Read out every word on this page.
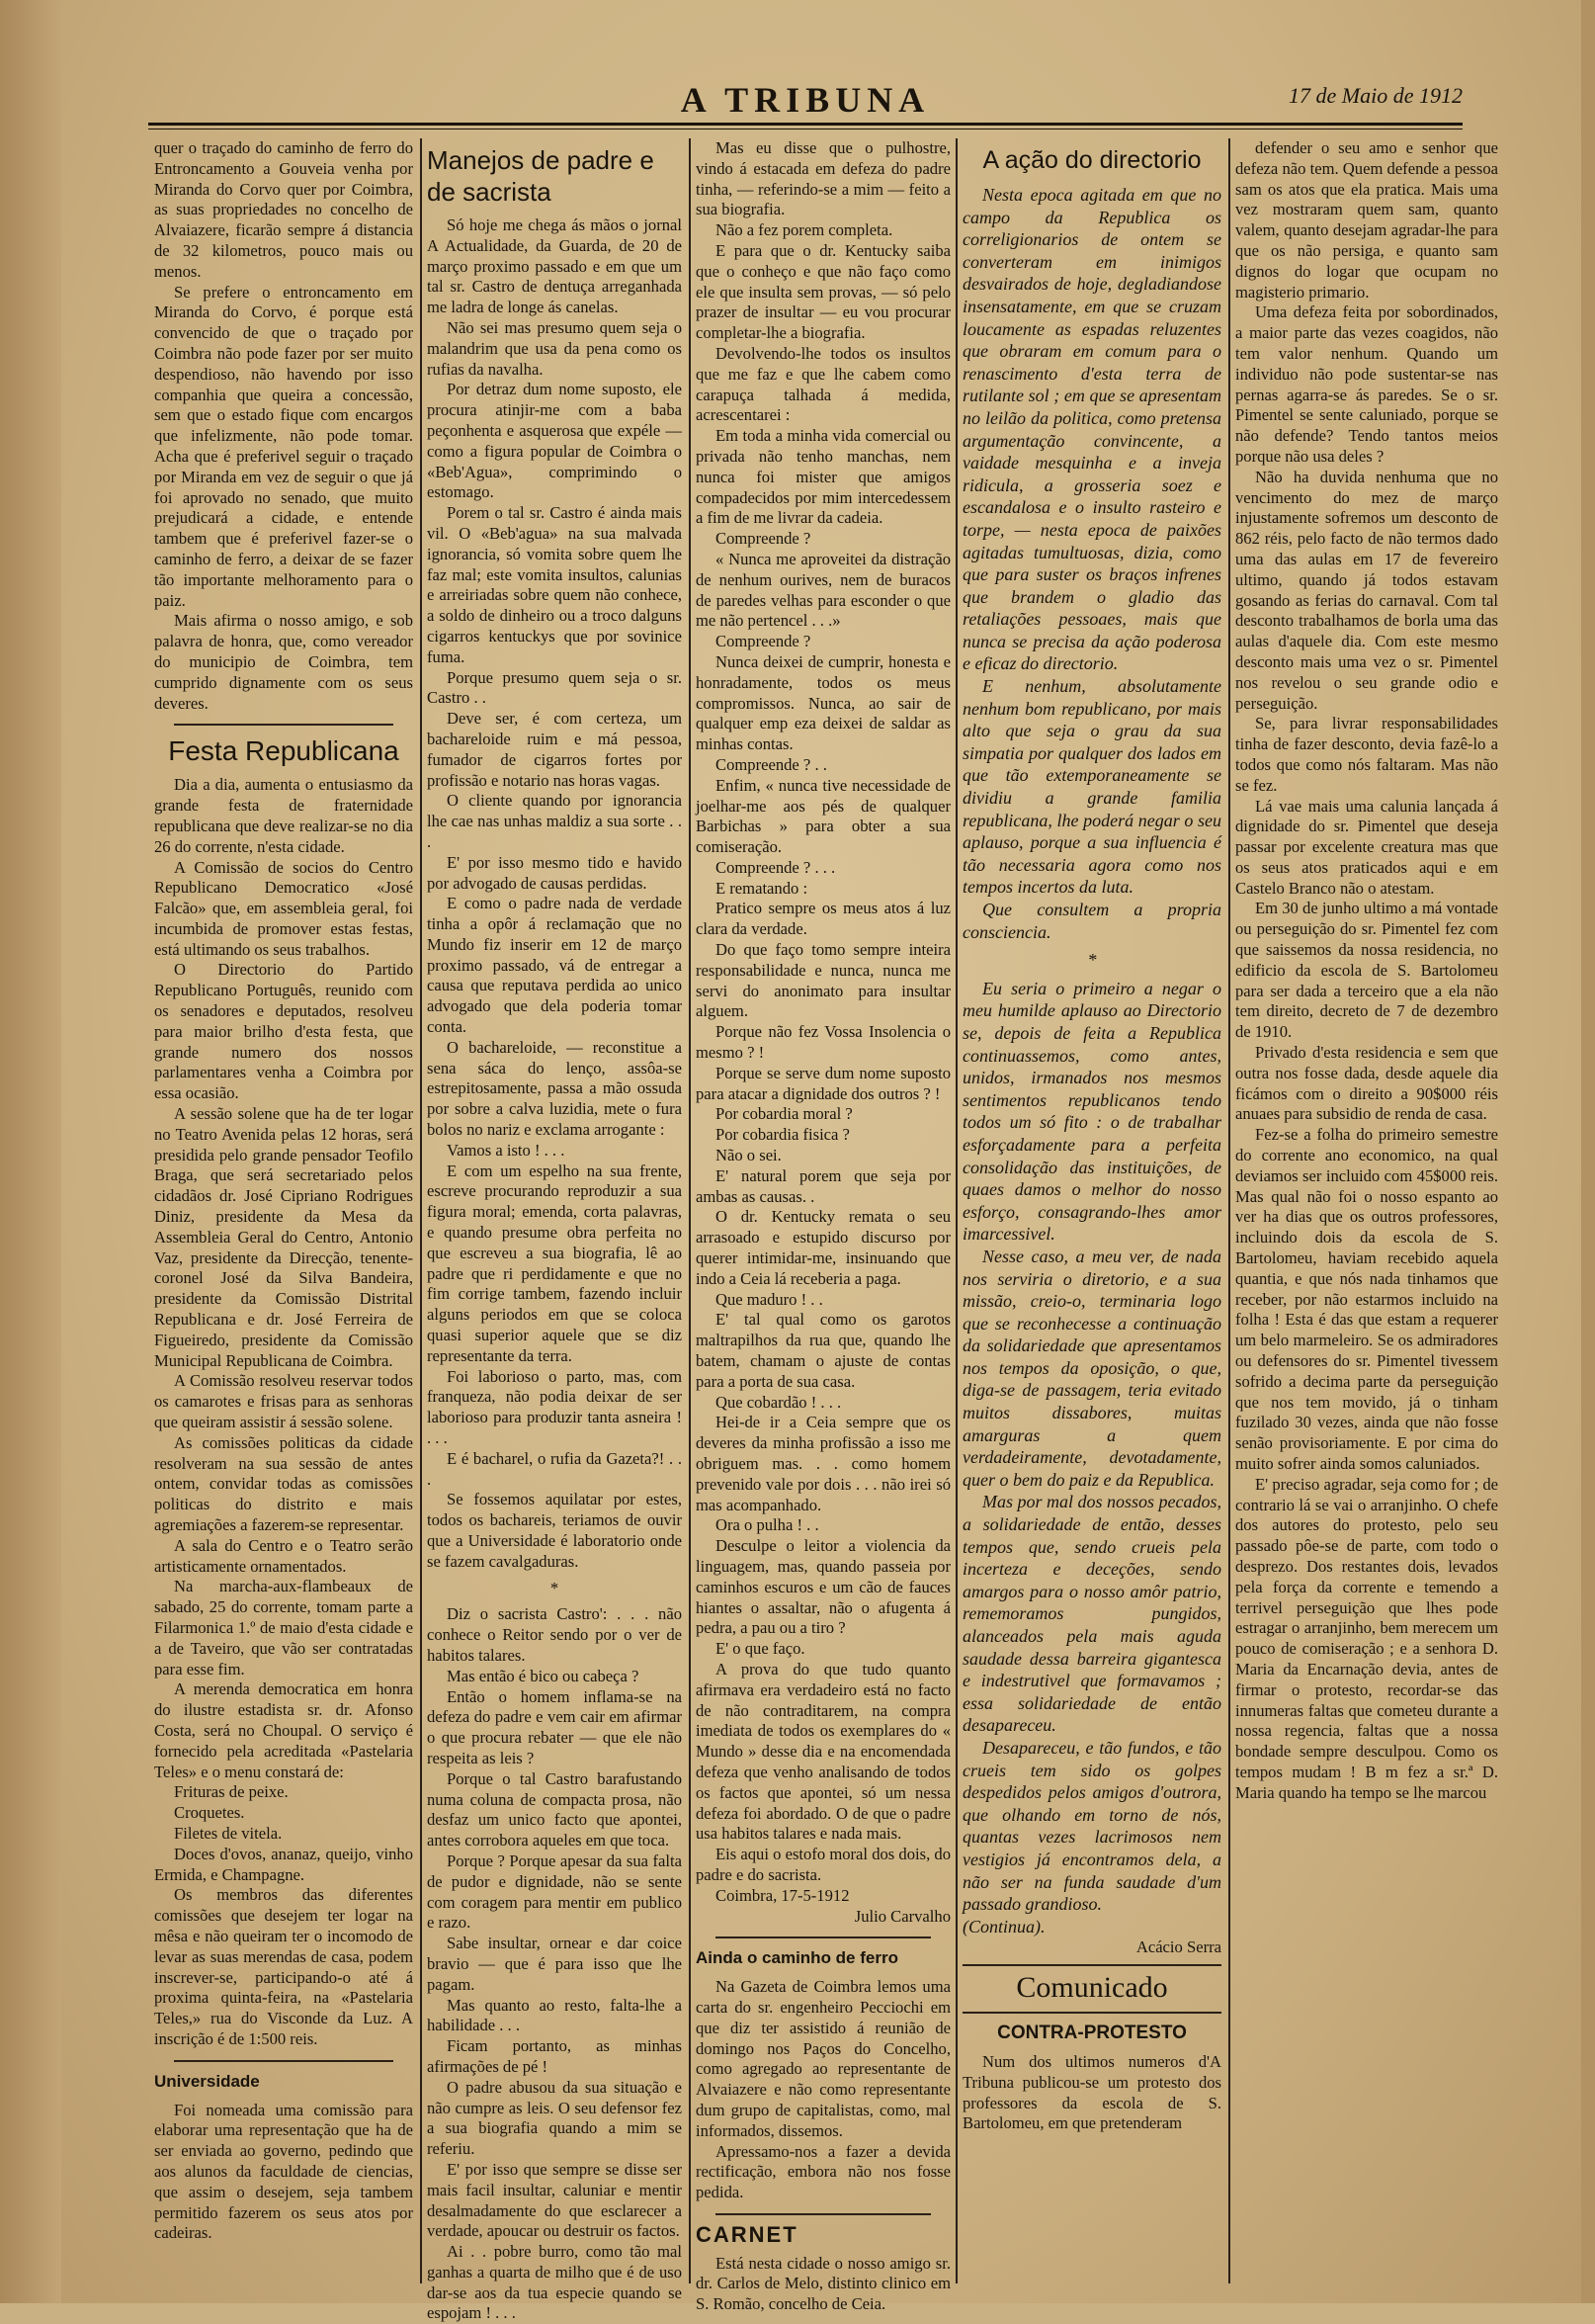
A TRIBUNA	17 de Maio de 1912

quer o traçado do caminho de ferro do Entroncamento a Gouveia venha por Miranda do Corvo quer por Coimbra, as suas propriedades no concelho de Alvaiazere, ficarão sempre á distancia de 32 kilometros, pouco mais ou menos.

Se prefere o entroncamento em Miranda do Corvo, é porque está convencido de que o traçado por Coimbra não pode fazer por ser muito despendioso, não havendo por isso companhia que queira a concessão, sem que o estado fique com encargos que infelizmente, não pode tomar. Acha que é preferivel seguir o traçado por Miranda em vez de seguir o que já foi aprovado no senado, que muito prejudicará a cidade, e entende tambem que é preferivel fazer-se o caminho de ferro, a deixar de se fazer tão importante melhoramento para o paiz.

Mais afirma o nosso amigo, e sob palavra de honra, que, como vereador do municipio de Coimbra, tem cumprido dignamente com os seus deveres.

Festa Republicana

Dia a dia, aumenta o entusiasmo da grande festa de fraternidade republicana que deve realizar-se no dia 26 do corrente, n'esta cidade.

A Comissão de socios do Centro Republicano Democratico «José Falcão» que, em assembleia geral, foi incumbida de promover estas festas, está ultimando os seus trabalhos.

O Directorio do Partido Republicano Português, reunido com os senadores e deputados, resolveu para maior brilho d'esta festa, que grande numero dos nossos parlamentares venha a Coimbra por essa ocasião.

A sessão solene que ha de ter logar no Teatro Avenida pelas 12 horas, será presidida pelo grande pensador Teofilo Braga, que será secretariado pelos cidadãos dr. José Cipriano Rodrigues Diniz, presidente da Mesa da Assembleia Geral do Centro, Antonio Vaz, presidente da Direcção, tenente-coronel José da Silva Bandeira, presidente da Comissão Distrital Republicana e dr. José Ferreira de Figueiredo, presidente da Comissão Municipal Republicana de Coimbra.

A Comissão resolveu reservar todos os camarotes e frisas para as senhoras que queiram assistir á sessão solene.

As comissões politicas da cidade resolveram na sua sessão de antes ontem, convidar todas as comissões politicas do distrito e mais agremiações a fazerem-se representar.

A sala do Centro e o Teatro serão artisticamente ornamentados.

Na marcha-aux-flambeaux de sabado, 25 do corrente, tomam parte a Filarmonica 1.º de maio d'esta cidade e a de Taveiro, que vão ser contratadas para esse fim.

A merenda democratica em honra do ilustre estadista sr. dr. Afonso Costa, será no Choupal. O serviço é fornecido pela acreditada «Pastelaria Teles» e o menu constará de:

Frituras de peixe.

Croquetes.

Filetes de vitela.

Doces d'ovos, ananaz, queijo, vinho Ermida, e Champagne.

Os membros das diferentes comissões que desejem ter logar na mêsa e não queiram ter o incomodo de levar as suas merendas de casa, podem inscrever-se, participando-o até á proxima quinta-feira, na «Pastelaria Teles,» rua do Visconde da Luz. A inscrição é de 1:500 reis.

Universidade

Foi nomeada uma comissão para elaborar uma representação que ha de ser enviada ao governo, pedindo que aos alunos da faculdade de ciencias, que assim o desejem, seja tambem permitido fazerem os seus atos por cadeiras.

Manejos de padre e de sacrista

Só hoje me chega ás mãos o jornal A Actualidade, da Guarda, de 20 de março proximo passado e em que um tal sr. Castro de dentuça arreganhada me ladra de longe ás canelas.

Não sei mas presumo quem seja o malandrim que usa da pena como os rufias da navalha.

Por detraz dum nome suposto, ele procura atinjir-me com a baba peçonhenta e asquerosa que expéle — como a figura popular de Coimbra o «Beb'Agua», comprimindo o estomago.

Porem o tal sr. Castro é ainda mais vil. O «Beb'agua» na sua malvada ignorancia, só vomita sobre quem lhe faz mal; este vomita insultos, calunias e arreiriadas sobre quem não conhece, a soldo de dinheiro ou a troco dalguns cigarros kentuckys que por sovinice fuma.

Porque presumo quem seja o sr. Castro . .

Deve ser, é com certeza, um bachareloide ruim e má pessoa, fumador de cigarros fortes por profissão e notario nas horas vagas.

O cliente quando por ignorancia lhe cae nas unhas maldiz a sua sorte . . .

E' por isso mesmo tido e havido por advogado de causas perdidas.

E como o padre nada de verdade tinha a opôr á reclamação que no Mundo fiz inserir em 12 de março proximo passado, vá de entregar a causa que reputava perdida ao unico advogado que dela poderia tomar conta.

O bachareloide, — reconstitue a sena sáca do lenço, assôa-se estrepitosamente, passa a mão ossuda por sobre a calva luzidia, mete o fura bolos no nariz e exclama arrogante :

Vamos a isto ! . . .

E com um espelho na sua frente, escreve procurando reproduzir a sua figura moral; emenda, corta palavras, e quando presume obra perfeita no que escreveu a sua biografia, lê ao padre que ri perdidamente e que no fim corrige tambem, fazendo incluir alguns periodos em que se coloca quasi superior aquele que se diz representante da terra.

Foi laborioso o parto, mas, com franqueza, não podia deixar de ser laborioso para produzir tanta asneira ! . . .

E é bacharel, o rufia da Gazeta?! . . .

Se fossemos aquilatar por estes, todos os bachareis, teriamos de ouvir que a Universidade é laboratorio onde se fazem cavalgaduras.

*

Diz o sacrista Castro': . . . não conhece o Reitor sendo por o ver de habitos talares.

Mas então é bico ou cabeça ?

Então o homem inflama-se na defeza do padre e vem cair em afirmar o que procura rebater — que ele não respeita as leis ?

Porque o tal Castro barafustando numa coluna de compacta prosa, não desfaz um unico facto que apontei, antes corrobora aqueles em que toca.

Porque ? Porque apesar da sua falta de pudor e dignidade, não se sente com coragem para mentir em publico e razo.

Sabe insultar, ornear e dar coice bravio — que é para isso que lhe pagam.

Mas quanto ao resto, falta-lhe a habilidade . . .

Ficam portanto, as minhas afirmações de pé !

O padre abusou da sua situação e não cumpre as leis. O seu defensor fez a sua biografia quando a mim se referiu.

E' por isso que sempre se disse ser mais facil insultar, caluniar e mentir desalmadamente do que esclarecer a verdade, apoucar ou destruir os factos.

Ai . . pobre burro, como tão mal ganhas a quarta de milho que é de uso dar-se aos da tua especie quando se espojam ! . . .

Mas eu disse que o pulhostre, vindo á estacada em defeza do padre tinha, — referindo-se a mim — feito a sua biografia.

Não a fez porem completa.

E para que o dr. Kentucky saiba que o conheço e que não faço como ele que insulta sem provas, — só pelo prazer de insultar — eu vou procurar completar-lhe a biografia.

Devolvendo-lhe todos os insultos que me faz e que lhe cabem como carapuça talhada á medida, acrescentarei :

Em toda a minha vida comercial ou privada não tenho manchas, nem nunca foi mister que amigos compadecidos por mim intercedessem a fim de me livrar da cadeia.

Compreende ?

« Nunca me aproveitei da distração de nenhum ourives, nem de buracos de paredes velhas para esconder o que me não pertencel . . .»

Compreende ?

Nunca deixei de cumprir, honesta e honradamente, todos os meus compromissos. Nunca, ao sair de qualquer emp eza deixei de saldar as minhas contas.

Compreende ? . .

Enfim, « nunca tive necessidade de joelhar-me aos pés de qualquer Barbichas » para obter a sua comiseração.

Compreende ? . . .

E rematando :

Pratico sempre os meus atos á luz clara da verdade.

Do que faço tomo sempre inteira responsabilidade e nunca, nunca me servi do anonimato para insultar alguem.

Porque não fez Vossa Insolencia o mesmo ? !

Porque se serve dum nome suposto para atacar a dignidade dos outros ? !

Por cobardia moral ?

Por cobardia fisica ?

Não o sei.

E' natural porem que seja por ambas as causas. .

O dr. Kentucky remata o seu arrasoado e estupido discurso por querer intimidar-me, insinuando que indo a Ceia lá receberia a paga.

Que maduro ! . .

E' tal qual como os garotos maltrapilhos da rua que, quando lhe batem, chamam o ajuste de contas para a porta de sua casa.

Que cobardão ! . . .

Hei-de ir a Ceia sempre que os deveres da minha profissão a isso me obriguem mas. . . como homem prevenido vale por dois . . . não irei só mas acompanhado.

Ora o pulha ! . .

Desculpe o leitor a violencia da linguagem, mas, quando passeia por caminhos escuros e um cão de fauces hiantes o assaltar, não o afugenta á pedra, a pau ou a tiro ?

E' o que faço.

A prova do que tudo quanto afirmava era verdadeiro está no facto de não contraditarem, na compra imediata de todos os exemplares do « Mundo » desse dia e na encomendada defeza que venho analisando de todos os factos que apontei, só um nessa defeza foi abordado. O de que o padre usa habitos talares e nada mais.

Eis aqui o estofo moral dos dois, do padre e do sacrista.

Coimbra, 17-5-1912

Julio Carvalho

Ainda o caminho de ferro

Na Gazeta de Coimbra lemos uma carta do sr. engenheiro Pecciochi em que diz ter assistido á reunião de domingo nos Paços do Concelho, como agregado ao representante de Alvaiazere e não como representante dum grupo de capitalistas, como, mal informados, dissemos.

Apressamo-nos a fazer a devida rectificação, embora não nos fosse pedida.

CARNET

Está nesta cidade o nosso amigo sr. dr. Carlos de Melo, distinto clinico em S. Romão, concelho de Ceia.

A ação do directorio

Nesta epoca agitada em que no campo da Republica os correligionarios de ontem se converteram em inimigos desvairados de hoje, degladiandose insensatamente, em que se cruzam loucamente as espadas reluzentes que obraram em comum para o renascimento d'esta terra de rutilante sol ; em que se apresentam no leilão da politica, como pretensa argumentação convincente, a vaidade mesquinha e a inveja ridicula, a grosseria soez e escandalosa e o insulto rasteiro e torpe, — nesta epoca de paixões agitadas tumultuosas, dizia, como que para suster os braços infrenes que brandem o gladio das retaliações pessoaes, mais que nunca se precisa da ação poderosa e eficaz do directorio.

E nenhum, absolutamente nenhum bom republicano, por mais alto que seja o grau da sua simpatia por qualquer dos lados em que tão extemporaneamente se dividiu a grande familia republicana, lhe poderá negar o seu aplauso, porque a sua influencia é tão necessaria agora como nos tempos incertos da luta.

Que consultem a propria consciencia.

*

Eu seria o primeiro a negar o meu humilde aplauso ao Directorio se, depois de feita a Republica continuassemos, como antes, unidos, irmanados nos mesmos sentimentos republicanos tendo todos um só fito : o de trabalhar esforçadamente para a perfeita consolidação das instituições, de quaes damos o melhor do nosso esforço, consagrando-lhes amor imarcessivel.

Nesse caso, a meu ver, de nada nos serviria o diretorio, e a sua missão, creio-o, terminaria logo que se reconhecesse a continuação da solidariedade que apresentamos nos tempos da oposição, o que, diga-se de passagem, teria evitado muitos dissabores, muitas amarguras a quem verdadeiramente, devotadamente, quer o bem do paiz e da Republica.

Mas por mal dos nossos pecados, a solidariedade de então, desses tempos que, sendo crueis pela incerteza e deceções, sendo amargos para o nosso amôr patrio, rememoramos pungidos, alanceados pela mais aguda saudade dessa barreira gigantesca e indestrutivel que formavamos ; essa solidariedade de então desapareceu.

Desapareceu, e tão fundos, e tão crueis tem sido os golpes despedidos pelos amigos d'outrora, que olhando em torno de nós, quantas vezes lacrimosos nem vestigios já encontramos dela, a não ser na funda saudade d'um passado grandioso.

(Continua).

Acácio Serra

Comunicado
CONTRA-PROTESTO

Num dos ultimos numeros d'A Tribuna publicou-se um protesto dos professores da escola de S. Bartolomeu, em que pretenderam

defender o seu amo e senhor que defeza não tem. Quem defende a pessoa sam os atos que ela pratica. Mais uma vez mostraram quem sam, quanto valem, quanto desejam agradar-lhe para que os não persiga, e quanto sam dignos do logar que ocupam no magisterio primario.

Uma defeza feita por sobordinados, a maior parte das vezes coagidos, não tem valor nenhum. Quando um individuo não pode sustentar-se nas pernas agarra-se ás paredes. Se o sr. Pimentel se sente caluniado, porque se não defende? Tendo tantos meios porque não usa deles ?

Não ha duvida nenhuma que no vencimento do mez de março injustamente sofremos um desconto de 862 réis, pelo facto de não termos dado uma das aulas em 17 de fevereiro ultimo, quando já todos estavam gosando as ferias do carnaval. Com tal desconto trabalhamos de borla uma das aulas d'aquele dia. Com este mesmo desconto mais uma vez o sr. Pimentel nos revelou o seu grande odio e perseguição.

Se, para livrar responsabilidades tinha de fazer desconto, devia fazê-lo a todos que como nós faltaram. Mas não se fez.

Lá vae mais uma calunia lançada á dignidade do sr. Pimentel que deseja passar por excelente creatura mas que os seus atos praticados aqui e em Castelo Branco não o atestam.

Em 30 de junho ultimo a má vontade ou perseguição do sr. Pimentel fez com que saissemos da nossa residencia, no edificio da escola de S. Bartolomeu para ser dada a terceiro que a ela não tem direito, decreto de 7 de dezembro de 1910.

Privado d'esta residencia e sem que outra nos fosse dada, desde aquele dia ficámos com o direito a 90$000 réis anuaes para subsidio de renda de casa.

Fez-se a folha do primeiro semestre do corrente ano economico, na qual deviamos ser incluido com 45$000 reis. Mas qual não foi o nosso espanto ao ver ha dias que os outros professores, incluindo dois da escola de S. Bartolomeu, haviam recebido aquela quantia, e que nós nada tinhamos que receber, por não estarmos incluido na folha ! Esta é das que estam a requerer um belo marmeleiro. Se os admiradores ou defensores do sr. Pimentel tivessem sofrido a decima parte da perseguição que nos tem movido, já o tinham fuzilado 30 vezes, ainda que não fosse senão provisoriamente. E por cima do muito sofrer ainda somos caluniados.

E' preciso agradar, seja como for ; de contrario lá se vai o arranjinho. O chefe dos autores do protesto, pelo seu passado pôe-se de parte, com todo o desprezo. Dos restantes dois, levados pela força da corrente e temendo a terrivel perseguição que lhes pode estragar o arranjinho, bem merecem um pouco de comiseração ; e a senhora D. Maria da Encarnação devia, antes de firmar o protesto, recordar-se das innumeras faltas que cometeu durante a nossa regencia, faltas que a nossa bondade sempre desculpou. Como os tempos mudam ! B m fez a sr.ª D. Maria quando ha tempo se lhe marcou
